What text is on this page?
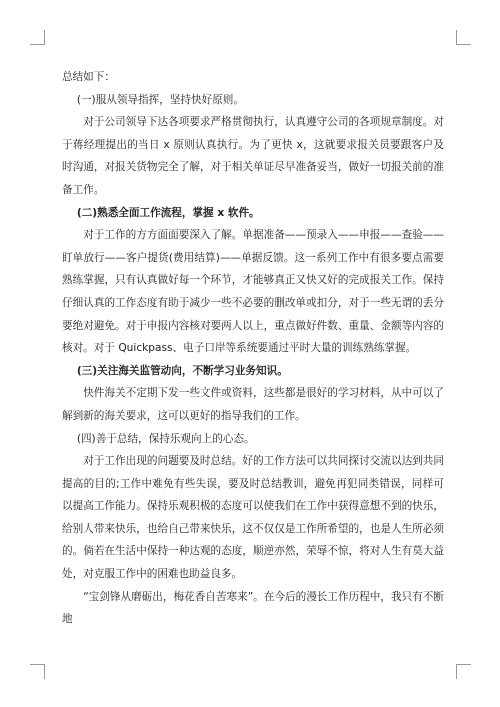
总结如下：

(一)服从领导指挥，坚持快好原则。

对于公司领导下达各项要求严格贯彻执行，认真遵守公司的各项规章制度。对于蒋经理提出的当日 x 原则认真执行。为了更快 x，这就要求报关员要跟客户及时沟通，对报关货物完全了解，对于相关单证尽早准备妥当，做好一切报关前的准备工作。

(二)熟悉全面工作流程，掌握 x 软件。

对于工作的方方面面要深入了解。单据准备——预录入——申报——查验——盯单放行——客户提货(费用结算)——单据反馈。这一系列工作中有很多要点需要熟练掌握，只有认真做好每一个环节，才能够真正又快又好的完成报关工作。保持仔细认真的工作态度有助于减少一些不必要的删改单或扣分，对于一些无谓的丢分要绝对避免。对于申报内容核对要两人以上，重点做好件数、重量、金额等内容的核对。对于 Quickpass、电子口岸等系统要通过平时大量的训练熟练掌握。

(三)关注海关监管动向，不断学习业务知识。

快件海关不定期下发一些文件或资料，这些都是很好的学习材料，从中可以了解到新的海关要求，这可以更好的指导我们的工作。

(四)善于总结，保持乐观向上的心态。

对于工作出现的问题要及时总结。好的工作方法可以共同探讨交流以达到共同提高的目的;工作中难免有些失误，要及时总结教训，避免再犯同类错误，同样可以提高工作能力。保持乐观积极的态度可以使我们在工作中获得意想不到的快乐，给别人带来快乐，也给自己带来快乐，这不仅仅是工作所希望的，也是人生所必须的。倘若在生活中保持一种达观的态度，顺逆亦然，荣辱不惊，将对人生有莫大益处，对克服工作中的困难也助益良多。

“宝剑锋从磨砺出，梅花香自苦寒来”。在今后的漫长工作历程中，我只有不断地
